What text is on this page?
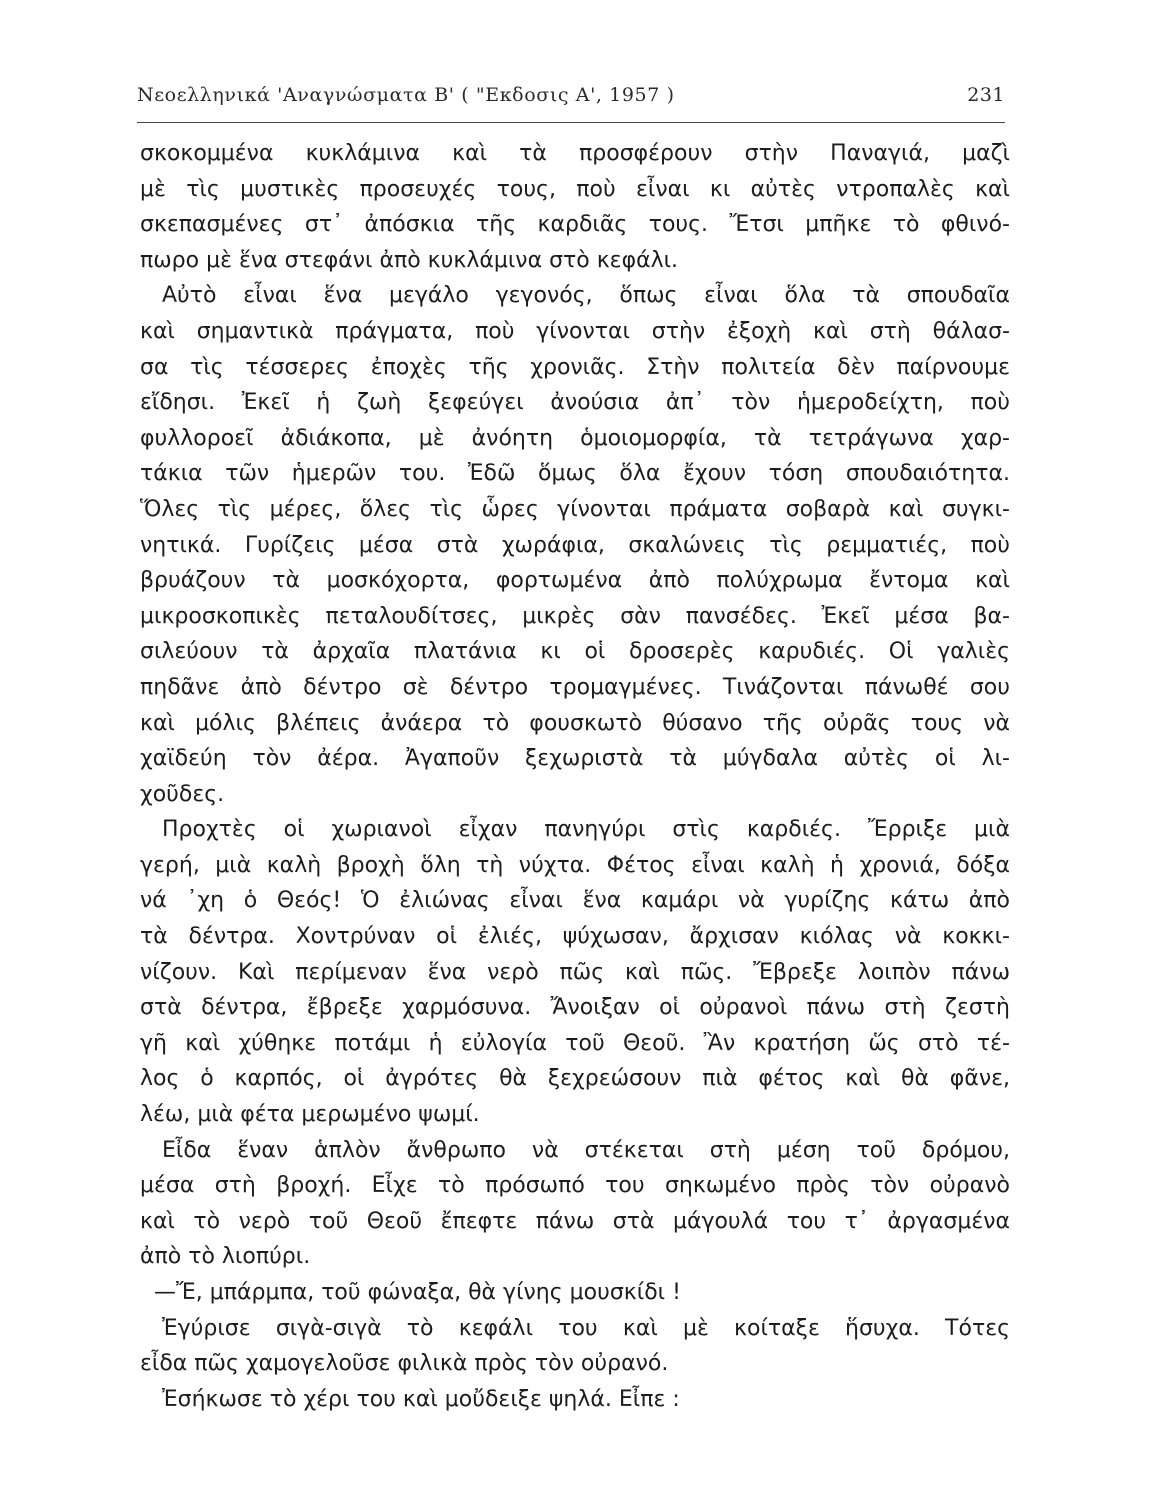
Νεοελληνικά 'Αναγνώσματα Β' ( "Εκδοσις Α', 1957 )	231
σκοκομμένα κυκλάμινα καὶ τὰ προσφέρουν στὴν Παναγιά, μαζὶ
μὲ τὶς μυστικὲς προσευχές τους, ποὺ εἶναι κι αὐτὲς ντροπαλὲς καὶ
σκεπασμένες στ᾽ ἀπόσκια τῆς καρδιᾶς τους. Ἔτσι μπῆκε τὸ φθινό-
πωρο μὲ ἕνα στεφάνι ἀπὸ κυκλάμινα στὸ κεφάλι.
Αὐτὸ εἶναι ἕνα μεγάλο γεγονός, ὅπως εἶναι ὅλα τὰ σπουδαῖα
καὶ σημαντικὰ πράγματα, ποὺ γίνονται στὴν ἐξοχὴ καὶ στὴ θάλασ-
σα τὶς τέσσερες ἐποχὲς τῆς χρονιᾶς. Στὴν πολιτεία δὲν παίρνουμε
εἴδησι. Ἐκεῖ ἡ ζωὴ ξεφεύγει ἀνούσια ἀπ᾽ τὸν ἡμεροδείχτη, ποὺ
φυλλοροεῖ ἀδιάκοπα, μὲ ἀνόητη ὁμοιομορφία, τὰ τετράγωνα χαρ-
τάκια τῶν ἡμερῶν του. Ἐδῶ ὅμως ὅλα ἔχουν τόση σπουδαιότητα.
Ὅλες τὶς μέρες, ὅλες τὶς ὧρες γίνονται πράματα σοβαρὰ καὶ συγκι-
νητικά. Γυρίζεις μέσα στὰ χωράφια, σκαλώνεις τὶς ρεμματιές, ποὺ
βρυάζουν τὰ μοσκόχορτα, φορτωμένα ἀπὸ πολύχρωμα ἔντομα καὶ
μικροσκοπικὲς πεταλουδίτσες, μικρὲς σὰν πανσέδες. Ἐκεῖ μέσα βα-
σιλεύουν τὰ ἀρχαῖα πλατάνια κι οἱ δροσερὲς καρυδιές. Οἱ γαλιὲς
πηδᾶνε ἀπὸ δέντρο σὲ δέντρο τρομαγμένες. Τινάζονται πάνωθέ σου
καὶ μόλις βλέπεις ἀνάερα τὸ φουσκωτὸ θύσανο τῆς οὐρᾶς τους νὰ
χαϊδεύη τὸν ἀέρα. Ἀγαποῦν ξεχωριστὰ τὰ μύγδαλα αὐτὲς οἱ λι-
χοῦδες.
Προχτὲς οἱ χωριανοὶ εἶχαν πανηγύρι στὶς καρδιές. Ἔρριξε μιὰ
γερή, μιὰ καλὴ βροχὴ ὅλη τὴ νύχτα. Φέτος εἶναι καλὴ ἡ χρονιά, δόξα
νά ᾽χη ὁ Θεός! Ὁ ἐλιώνας εἶναι ἕνα καμάρι νὰ γυρίζης κάτω ἀπὸ
τὰ δέντρα. Χοντρύναν οἱ ἐλιές, ψύχωσαν, ἄρχισαν κιόλας νὰ κοκκι-
νίζουν. Καὶ περίμεναν ἕνα νερὸ πῶς καὶ πῶς. Ἔβρεξε λοιπὸν πάνω
στὰ δέντρα, ἔβρεξε χαρμόσυνα. Ἄνοιξαν οἱ οὐρανοὶ πάνω στὴ ζεστὴ
γῆ καὶ χύθηκε ποτάμι ἡ εὐλογία τοῦ Θεοῦ. Ἂν κρατήση ὥς στὸ τέ-
λος ὁ καρπός, οἱ ἀγρότες θὰ ξεχρεώσουν πιὰ φέτος καὶ θὰ φᾶνε,
λέω, μιὰ φέτα μερωμένο ψωμί.
Εἶδα ἕναν ἁπλὸν ἄνθρωπο νὰ στέκεται στὴ μέση τοῦ δρόμου,
μέσα στὴ βροχή. Εἶχε τὸ πρόσωπό του σηκωμένο πρὸς τὸν οὐρανὸ
καὶ τὸ νερὸ τοῦ Θεοῦ ἔπεφτε πάνω στὰ μάγουλά του τ᾽ ἀργασμένα
ἀπὸ τὸ λιοπύρι.
—Ἔ, μπάρμπα, τοῦ φώναξα, θὰ γίνης μουσκίδι !
Ἐγύρισε σιγὰ-σιγὰ τὸ κεφάλι του καὶ μὲ κοίταξε ἥσυχα. Τότες
εἶδα πῶς χαμογελοῦσε φιλικὰ πρὸς τὸν οὐρανό.
Ἐσήκωσε τὸ χέρι του καὶ μοὔδειξε ψηλά. Εἶπε :
